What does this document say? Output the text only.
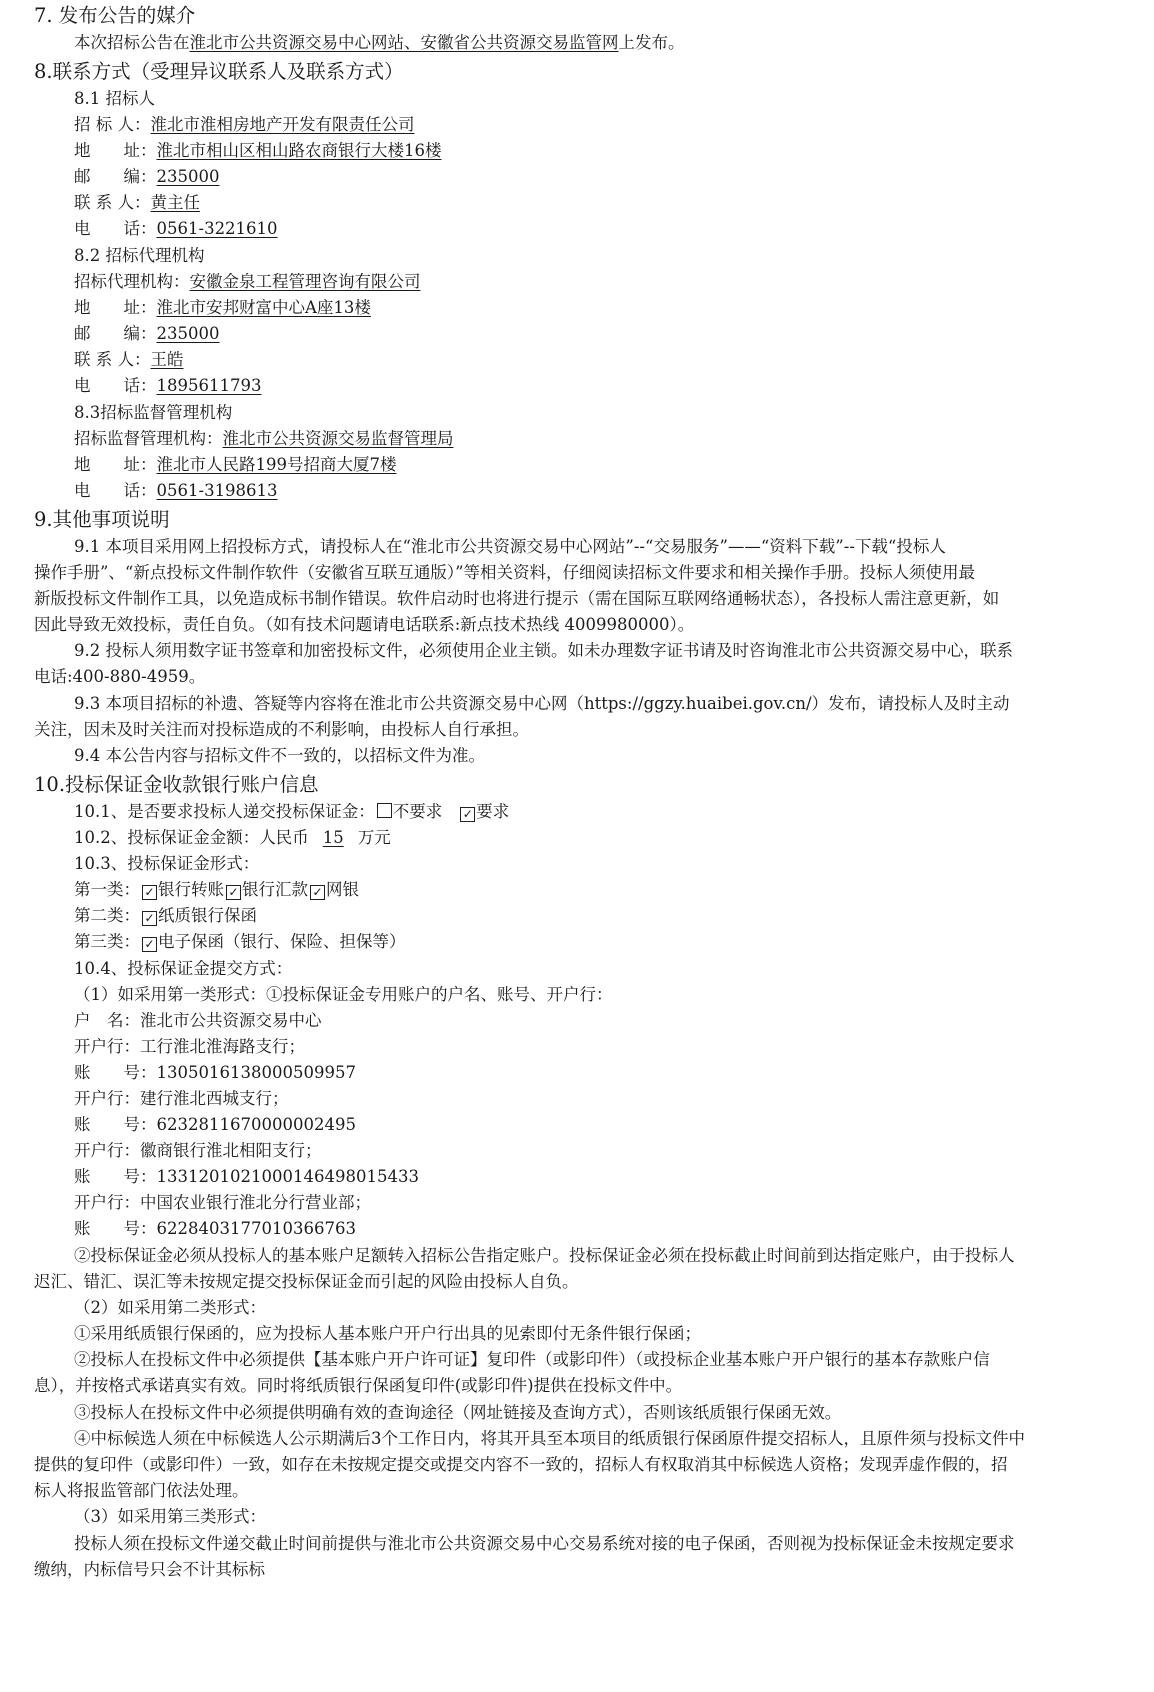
7. 发布公告的媒介
本次招标公告在淮北市公共资源交易中心网站、安徽省公共资源交易监管网上发布。
8.联系方式（受理异议联系人及联系方式）
8.1 招标人
招 标 人：淮北市淮相房地产开发有限责任公司
地　　址：淮北市相山区相山路农商银行大楼16楼
邮　　编：235000
联 系 人：黄主任
电　　话：0561-3221610
8.2 招标代理机构
招标代理机构：安徽金泉工程管理咨询有限公司
地　　址：淮北市安邦财富中心A座13楼
邮　　编：235000
联 系 人：王皓
电　　话：1895611793
8.3招标监督管理机构
招标监督管理机构：淮北市公共资源交易监督管理局
地　　址：淮北市人民路199号招商大厦7楼
电　　话：0561-3198613
9.其他事项说明
9.1 本项目采用网上招投标方式，请投标人在“淮北市公共资源交易中心网站”--“交易服务”——“资料下载”--下载“投标人
操作手册”、“新点投标文件制作软件（安徽省互联互通版）”等相关资料，仔细阅读招标文件要求和相关操作手册。投标人须使用最
新版投标文件制作工具，以免造成标书制作错误。软件启动时也将进行提示（需在国际互联网络通畅状态），各投标人需注意更新，如
因此导致无效投标，责任自负。（如有技术问题请电话联系:新点技术热线 4009980000）。
9.2 投标人须用数字证书签章和加密投标文件，必须使用企业主锁。如未办理数字证书请及时咨询淮北市公共资源交易中心，联系
电话:400-880-4959。
9.3 本项目招标的补遗、答疑等内容将在淮北市公共资源交易中心网（https://ggzy.huaibei.gov.cn/）发布，请投标人及时主动
关注，因未及时关注而对投标造成的不利影响，由投标人自行承担。
9.4 本公告内容与招标文件不一致的，以招标文件为准。
10.投标保证金收款银行账户信息
10.1、是否要求投标人递交投标保证金： 不要求 ✓ 要求
10.2、投标保证金金额：人民币 15 万元
10.3、投标保证金形式：
第一类： ✓ 银行转账 ✓ 银行汇款 ✓ 网银
第二类： ✓ 纸质银行保函
第三类： ✓ 电子保函（银行、保险、担保等）
10.4、投标保证金提交方式：
（1）如采用第一类形式：①投标保证金专用账户的户名、账号、开户行：
户　名：淮北市公共资源交易中心
开户行：工行淮北淮海路支行；
账　　号：1305016138000509957
开户行：建行淮北西城支行；
账　　号：6232811670000002495
开户行：徽商银行淮北相阳支行；
账　　号：1331201021000146498015433
开户行：中国农业银行淮北分行营业部；
账　　号：6228403177010366763
②投标保证金必须从投标人的基本账户足额转入招标公告指定账户。投标保证金必须在投标截止时间前到达指定账户，由于投标人
迟汇、错汇、误汇等未按规定提交投标保证金而引起的风险由投标人自负。
（2）如采用第二类形式：
①采用纸质银行保函的，应为投标人基本账户开户行出具的见索即付无条件银行保函；
②投标人在投标文件中必须提供【基本账户开户许可证】复印件（或影印件）（或投标企业基本账户开户银行的基本存款账户信
息），并按格式承诺真实有效。同时将纸质银行保函复印件(或影印件)提供在投标文件中。
③投标人在投标文件中必须提供明确有效的查询途径（网址链接及查询方式），否则该纸质银行保函无效。
④中标候选人须在中标候选人公示期满后3个工作日内，将其开具至本项目的纸质银行保函原件提交招标人，且原件须与投标文件中
提供的复印件（或影印件）一致，如存在未按规定提交或提交内容不一致的，招标人有权取消其中标候选人资格；发现弄虚作假的，招
标人将报监管部门依法处理。
（3）如采用第三类形式：
投标人须在投标文件递交截止时间前提供与淮北市公共资源交易中心交易系统对接的电子保函，否则视为投标保证金未按规定要求
缴纳，内标信号只会不计其标标
